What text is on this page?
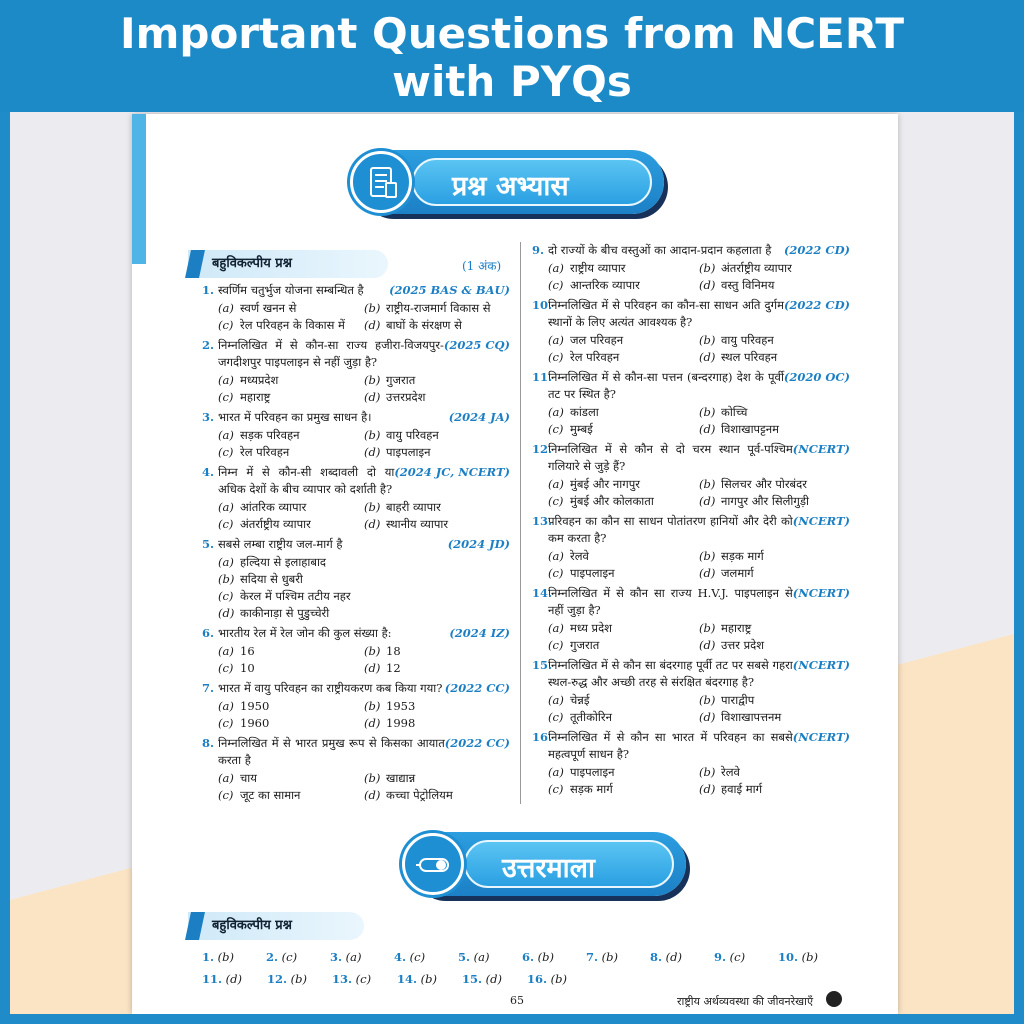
Important Questions from NCERT
with PYQs
प्रश्न अभ्यास
बहुविकल्पीय प्रश्न	(1 अंक)
(2025 BAS & BAU)
1. स्वर्णिम चतुर्भुज योजना सम्बन्धित है
(a) स्वर्ण खनन से	(b) राष्ट्रीय-राजमार्ग विकास से
(c) रेल परिवहन के विकास में	(d) बाघों के संरक्षण से
(2025 CQ)
2. निम्नलिखित में से कौन-सा राज्य हजीरा-विजयपुर-जगदीशपुर पाइपलाइन से नहीं जुड़ा है?
(a) मध्यप्रदेश	(b) गुजरात
(c) महाराष्ट्र	(d) उत्तरप्रदेश
(2024 JA)
3. भारत में परिवहन का प्रमुख साधन है।
(a) सड़क परिवहन	(b) वायु परिवहन
(c) रेल परिवहन	(d) पाइपलाइन
(2024 JC, NCERT)
4. निम्न में से कौन-सी शब्दावली दो या अधिक देशों के बीच व्यापार को दर्शाती है?
(a) आंतरिक व्यापार	(b) बाहरी व्यापार
(c) अंतर्राष्ट्रीय व्यापार	(d) स्थानीय व्यापार
(2024 JD)
5. सबसे लम्बा राष्ट्रीय जल-मार्ग है
(a) हल्दिया से इलाहाबाद
(b) सदिया से धुबरी
(c) केरल में पश्चिम तटीय नहर
(d) काकीनाड़ा से पुडुच्चेरी
(2024 IZ)
6. भारतीय रेल में रेल जोन की कुल संख्या है:
(a) 16	(b) 18
(c) 10	(d) 12
(2022 CC)
7. भारत में वायु परिवहन का राष्ट्रीयकरण कब किया गया?
(a) 1950	(b) 1953
(c) 1960	(d) 1998
(2022 CC)
8. निम्नलिखित में से भारत प्रमुख रूप से किसका आयात करता है
(a) चाय	(b) खाद्यान्न
(c) जूट का सामान	(d) कच्चा पेट्रोलियम
(2022 CD)
9. दो राज्यों के बीच वस्तुओं का आदान-प्रदान कहलाता है
(a) राष्ट्रीय व्यापार	(b) अंतर्राष्ट्रीय व्यापार
(c) आन्तरिक व्यापार	(d) वस्तु विनिमय
(2022 CD)
10.
निम्नलिखित में से परिवहन का कौन-सा साधन अति दुर्गम स्थानों के लिए अत्यंत आवश्यक है?
(a) जल परिवहन	(b) वायु परिवहन
(c) रेल परिवहन	(d) स्थल परिवहन
(2020 OC)
11.
निम्नलिखित में से कौन-सा पत्तन (बन्दरगाह) देश के पूर्वी तट पर स्थित है?
(a) कांडला	(b) कोच्चि
(c) मुम्बई	(d) विशाखापट्टनम
(NCERT)
12.
निम्नलिखित में से कौन से दो चरम स्थान पूर्व-पश्चिम गलियारे से जुड़े हैं?
(a) मुंबई और नागपुर	(b) सिलचर और पोरबंदर
(c) मुंबई और कोलकाता	(d) नागपुर और सिलीगुड़ी
(NCERT)
13.
परिवहन का कौन सा साधन पोतांतरण हानियों और देरी को कम करता है?
(a) रेलवे	(b) सड़क मार्ग
(c) पाइपलाइन	(d) जलमार्ग
(NCERT)
14.
निम्नलिखित में से कौन सा राज्य H.V.J. पाइपलाइन से नहीं जुड़ा है?
(a) मध्य प्रदेश	(b) महाराष्ट्र
(c) गुजरात	(d) उत्तर प्रदेश
(NCERT)
15.
निम्नलिखित में से कौन सा बंदरगाह पूर्वी तट पर सबसे गहरा स्थल-रुद्ध और अच्छी तरह से संरक्षित बंदरगाह है?
(a) चेन्नई	(b) पाराद्वीप
(c) तूतीकोरिन	(d) विशाखापत्तनम
(NCERT)
16.
निम्नलिखित में से कौन सा भारत में परिवहन का सबसे महत्वपूर्ण साधन है?
(a) पाइपलाइन	(b) रेलवे
(c) सड़क मार्ग	(d) हवाई मार्ग
उत्तरमाला
बहुविकल्पीय प्रश्न
1. (b)	2. (c)	3. (a)	4. (c)	5. (a)	6. (b)	7. (b)	8. (d)	9. (c)	10. (b)
11. (d)	12. (b)	13. (c)	14. (b)	15. (d)	16. (b)
65	राष्ट्रीय अर्थव्यवस्था की जीवनरेखाएँ
